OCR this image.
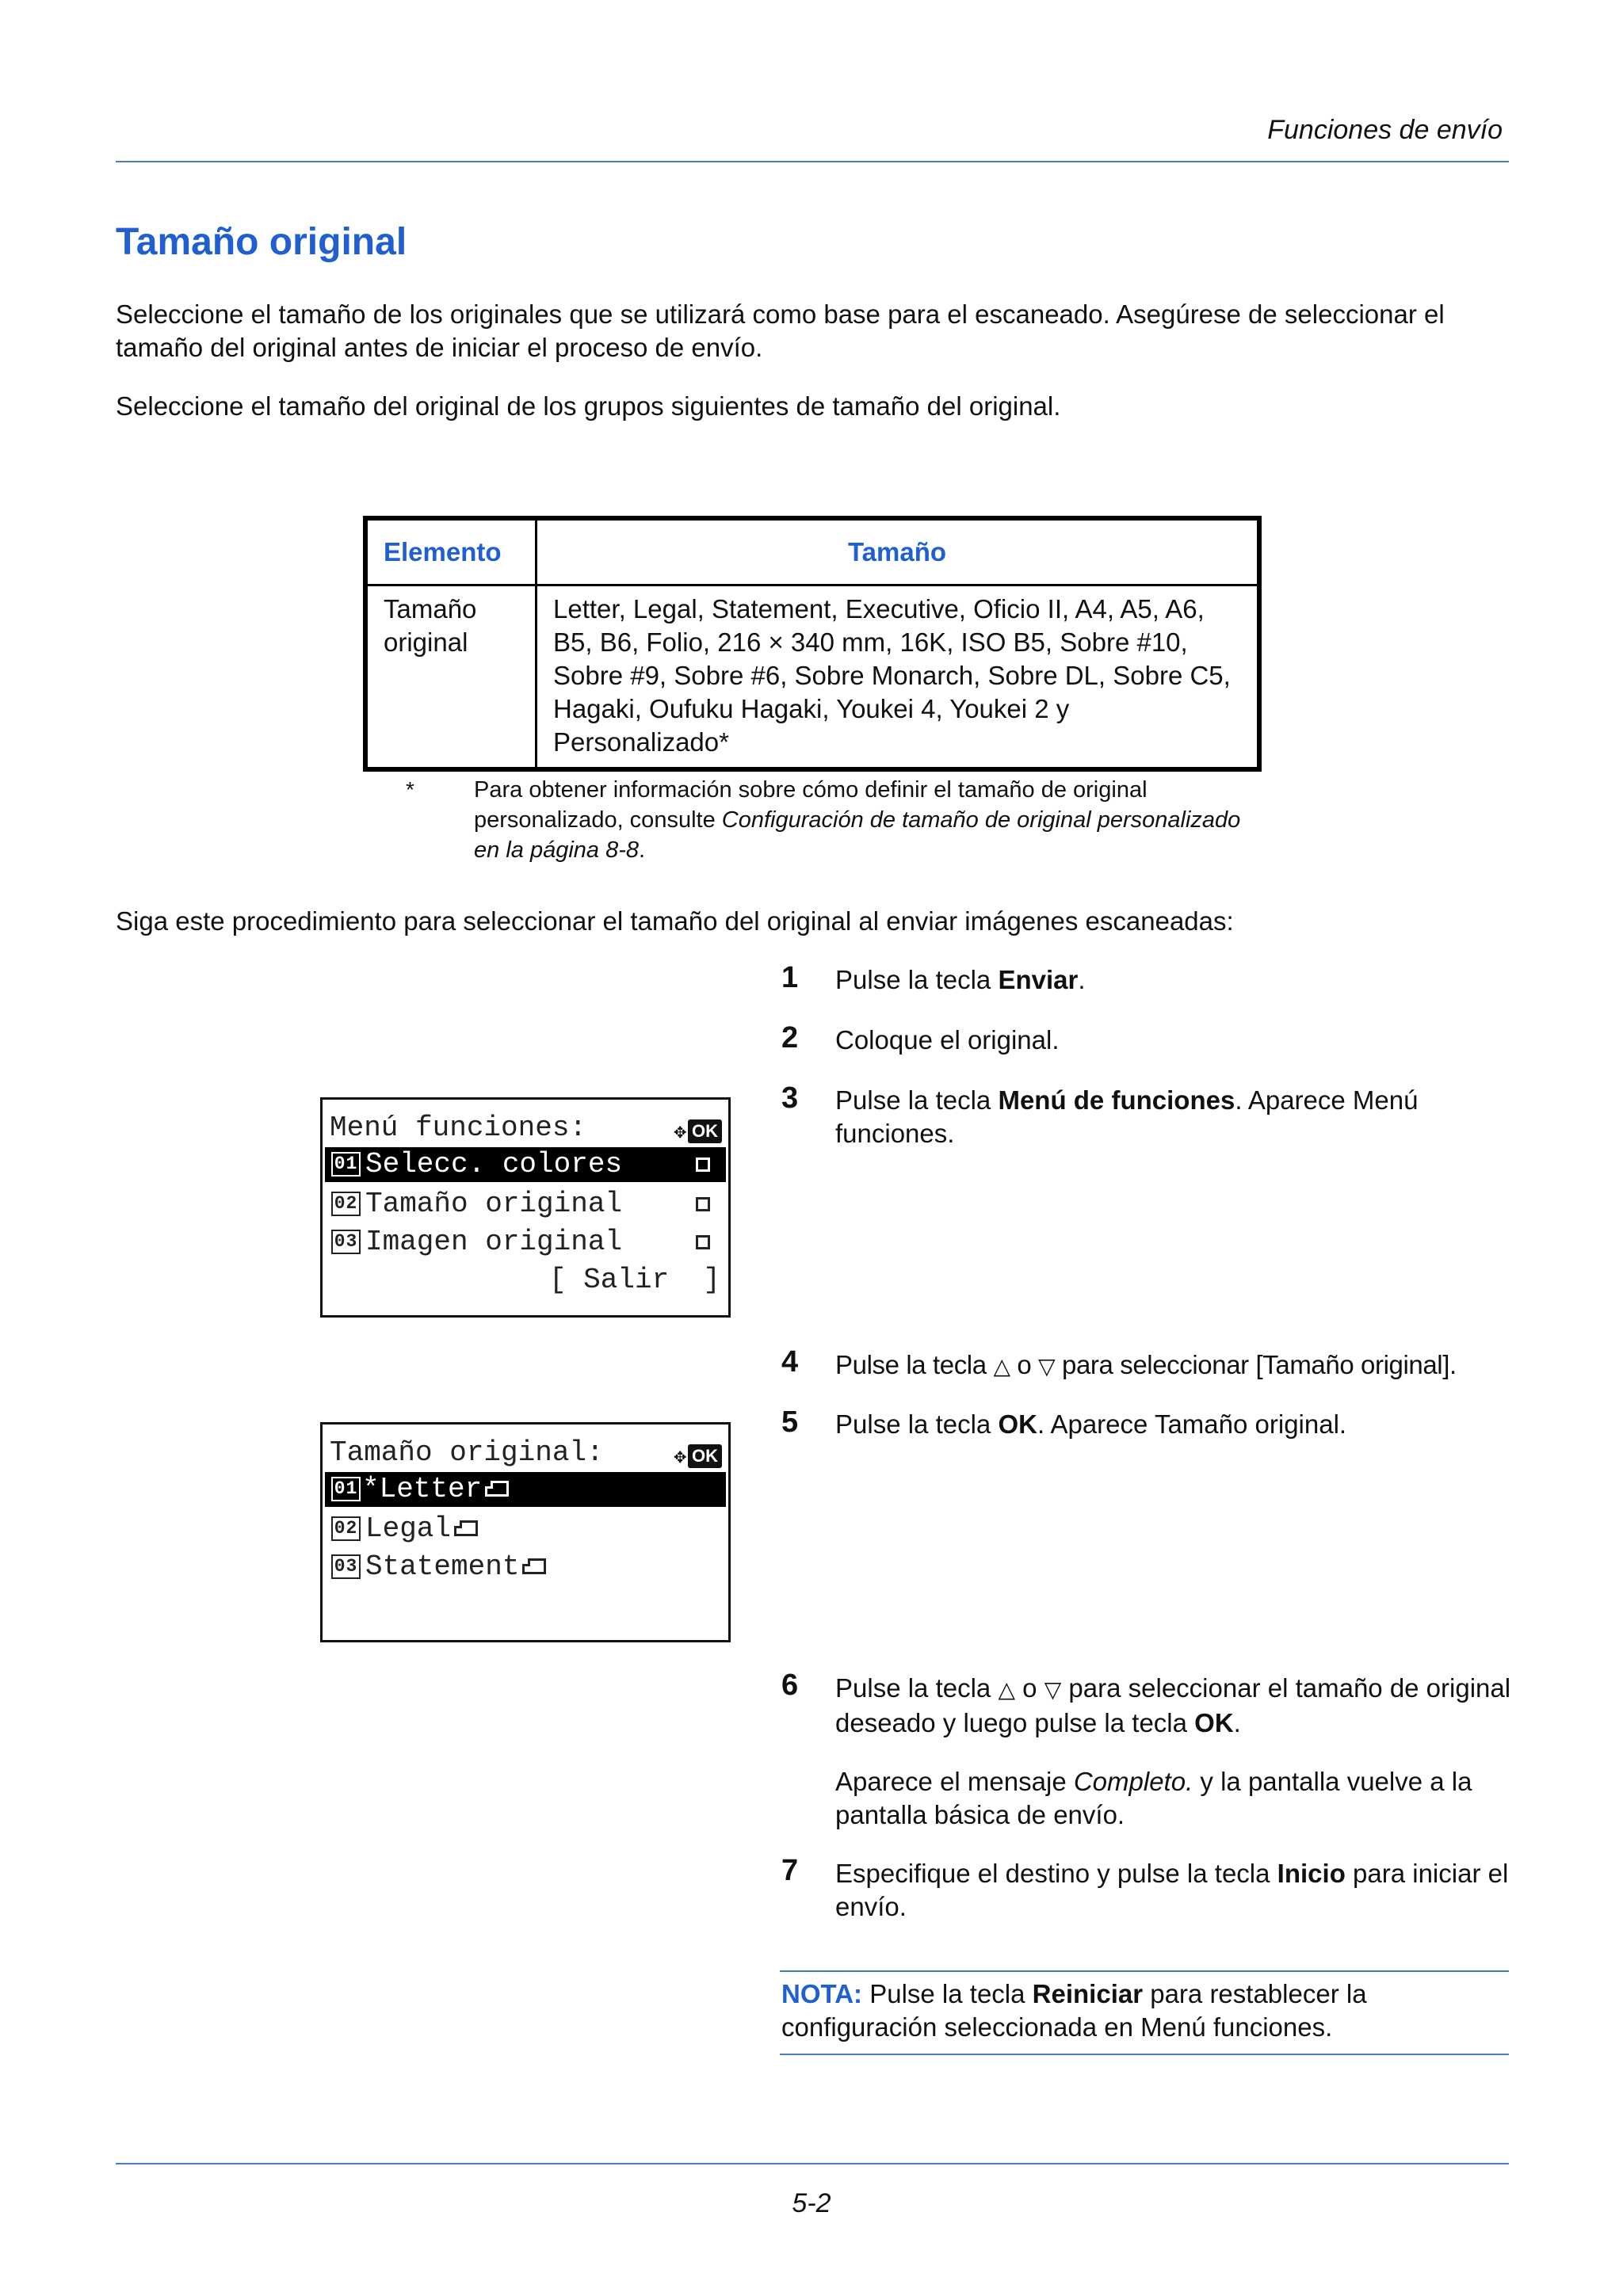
Funciones de envío
Tamaño original
Seleccione el tamaño de los originales que se utilizará como base para el escaneado. Asegúrese de seleccionar el tamaño del original antes de iniciar el proceso de envío.
Seleccione el tamaño del original de los grupos siguientes de tamaño del original.
Elemento	Tamaño
Tamaño original	Letter, Legal, Statement, Executive, Oficio II, A4, A5, A6, B5, B6, Folio, 216 × 340 mm, 16K, ISO B5, Sobre #10, Sobre #9, Sobre #6, Sobre Monarch, Sobre DL, Sobre C5, Hagaki, Oufuku Hagaki, Youkei 4, Youkei 2 y Personalizado*
*	Para obtener información sobre cómo definir el tamaño de original personalizado, consulte Configuración de tamaño de original personalizado en la página 8-8.
Siga este procedimiento para seleccionar el tamaño del original al enviar imágenes escaneadas:
1 Pulse la tecla Enviar.
2 Coloque el original.
3 Pulse la tecla Menú de funciones. Aparece Menú funciones.
4 Pulse la tecla △ o ▽ para seleccionar [Tamaño original].
5 Pulse la tecla OK. Aparece Tamaño original.
6 Pulse la tecla △ o ▽ para seleccionar el tamaño de original deseado y luego pulse la tecla OK.
Aparece el mensaje Completo. y la pantalla vuelve a la pantalla básica de envío.
7 Especifique el destino y pulse la tecla Inicio para iniciar el envío.
Menú funciones:	✥ OK
01 Selecc. colores
02 Tamaño original
03 Imagen original
[ Salir  ]
Tamaño original:	✥ OK
01 *Letter
02 Legal
03 Statement
NOTA: Pulse la tecla Reiniciar para restablecer la configuración seleccionada en Menú funciones.
5-2
